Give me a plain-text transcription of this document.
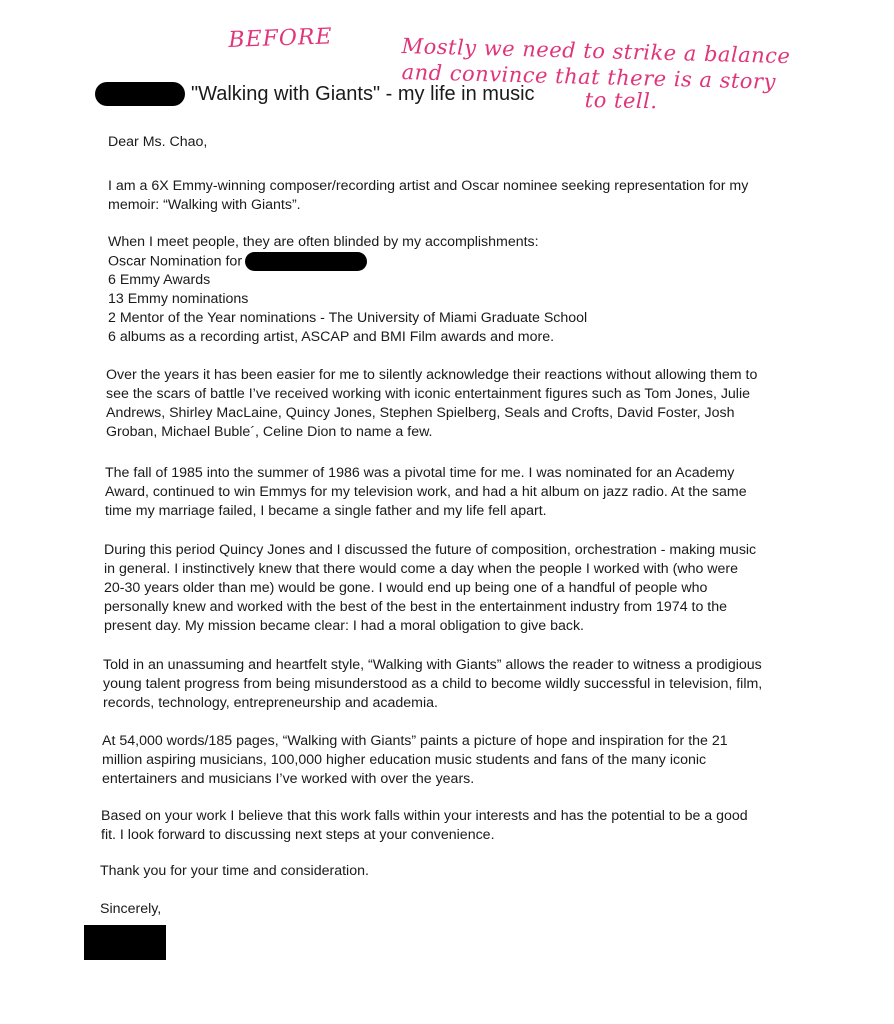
BEFORE	Mostly we need to strike a balance
and convince that there is a story
to tell.
"Walking with Giants" - my life in music

Dear Ms. Chao,

I am a 6X Emmy-winning composer/recording artist and Oscar nominee seeking representation for my
memoir: “Walking with Giants”.

When I meet people, they are often blinded by my accomplishments:
Oscar Nomination for
6 Emmy Awards
13 Emmy nominations
2 Mentor of the Year nominations - The University of Miami Graduate School
6 albums as a recording artist, ASCAP and BMI Film awards and more.

Over the years it has been easier for me to silently acknowledge their reactions without allowing them to
see the scars of battle I’ve received working with iconic entertainment figures such as Tom Jones, Julie
Andrews, Shirley MacLaine, Quincy Jones, Stephen Spielberg, Seals and Crofts, David Foster, Josh
Groban, Michael Buble´, Celine Dion to name a few.

The fall of 1985 into the summer of 1986 was a pivotal time for me. I was nominated for an Academy
Award, continued to win Emmys for my television work, and had a hit album on jazz radio. At the same
time my marriage failed, I became a single father and my life fell apart.

During this period Quincy Jones and I discussed the future of composition, orchestration - making music
in general. I instinctively knew that there would come a day when the people I worked with (who were
20-30 years older than me) would be gone. I would end up being one of a handful of people who
personally knew and worked with the best of the best in the entertainment industry from 1974 to the
present day. My mission became clear: I had a moral obligation to give back.

Told in an unassuming and heartfelt style, “Walking with Giants” allows the reader to witness a prodigious
young talent progress from being misunderstood as a child to become wildly successful in television, film,
records, technology, entrepreneurship and academia.

At 54,000 words/185 pages, “Walking with Giants” paints a picture of hope and inspiration for the 21
million aspiring musicians, 100,000 higher education music students and fans of the many iconic
entertainers and musicians I’ve worked with over the years.

Based on your work I believe that this work falls within your interests and has the potential to be a good
fit. I look forward to discussing next steps at your convenience.

Thank you for your time and consideration.

Sincerely,
